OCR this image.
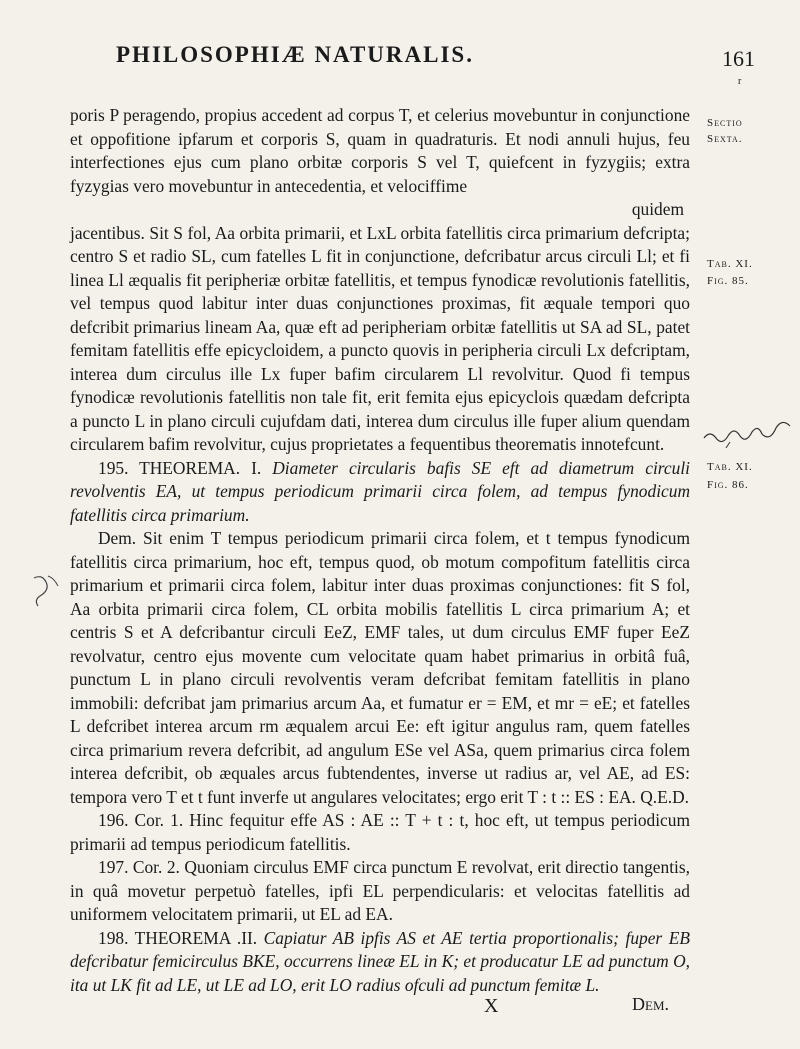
PHILOSOPHIÆ NATURALIS.	161
r
Sectio
Sexta.
Tab. XI.
Fig. 85.
Tab. XI.
Fig. 86.

poris P peragendo, propius accedent ad corpus T, et celerius movebuntur in conjunctione et oppofitione ipfarum et corporis S, quam in quadraturis. Et nodi annuli hujus, feu interfectiones ejus cum plano orbitæ corporis S vel T, quiefcent in fyzygiis; extra fyzygias vero movebuntur in antecedentia, et velociffime

quidem

jacentibus. Sit S fol, Aa orbita primarii, et LxL orbita fatellitis circa primarium defcripta; centro S et radio SL, cum fatelles L fit in conjunctione, defcribatur arcus circuli Ll; et fi linea Ll æqualis fit peripheriæ orbitæ fatellitis, et tempus fynodicæ revolutionis fatellitis, vel tempus quod labitur inter duas conjunctiones proximas, fit æquale tempori quo defcribit primarius lineam Aa, quæ eft ad peripheriam orbitæ fatellitis ut SA ad SL, patet femitam fatellitis effe epicycloidem, a puncto quovis in peripheria circuli Lx defcriptam, interea dum circulus ille Lx fuper bafim circularem Ll revolvitur. Quod fi tempus fynodicæ revolutionis fatellitis non tale fit, erit femita ejus epicyclois quædam defcripta a puncto L in plano circuli cujufdam dati, interea dum circulus ille fuper alium quendam circularem bafim revolvitur, cujus proprietates a fequentibus theorematis innotefcunt.

195. THEOREMA. I. Diameter circularis bafis SE eft ad diametrum circuli revolventis EA, ut tempus periodicum primarii circa folem, ad tempus fynodicum fatellitis circa primarium.

Dem. Sit enim T tempus periodicum primarii circa folem, et t tempus fynodicum fatellitis circa primarium, hoc eft, tempus quod, ob motum compofitum fatellitis circa primarium et primarii circa folem, labitur inter duas proximas conjunctiones: fit S fol, Aa orbita primarii circa folem, CL orbita mobilis fatellitis L circa primarium A; et centris S et A defcribantur circuli EeZ, EMF tales, ut dum circulus EMF fuper EeZ revolvatur, centro ejus movente cum velocitate quam habet primarius in orbitâ fuâ, punctum L in plano circuli revolventis veram defcribat femitam fatellitis in plano immobili: defcribat jam primarius arcum Aa, et fumatur er = EM, et mr = eE; et fatelles L defcribet interea arcum rm æqualem arcui Ee: eft igitur angulus ram, quem fatelles circa primarium revera defcribit, ad angulum ESe vel ASa, quem primarius circa folem interea defcribit, ob æquales arcus fubtendentes, inverse ut radius ar, vel AE, ad ES: tempora vero T et t funt inverfe ut angulares velocitates; ergo erit T : t :: ES : EA. Q.E.D.

196. Cor. 1. Hinc fequitur effe AS : AE :: T + t : t, hoc eft, ut tempus periodicum primarii ad tempus periodicum fatellitis.

197. Cor. 2. Quoniam circulus EMF circa punctum E revolvat, erit directio tangentis, in quâ movetur perpetuò fatelles, ipfi EL perpendicularis: et velocitas fatellitis ad uniformem velocitatem primarii, ut EL ad EA.

198. THEOREMA .II. Capiatur AB ipfis AS et AE tertia proportionalis; fuper EB defcribatur femicirculus BKE, occurrens lineæ EL in K; et producatur LE ad punctum O, ita ut LK fit ad LE, ut LE ad LO, erit LO radius ofculi ad punctum femitæ L.

X	Dem.
